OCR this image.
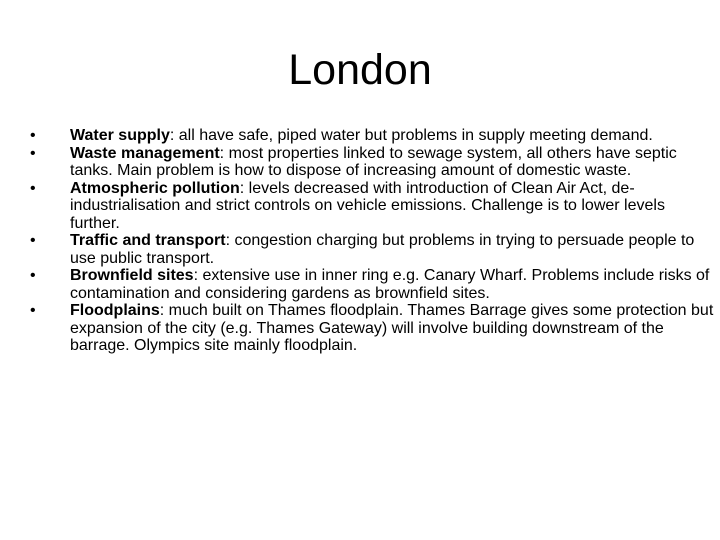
London
•	Water supply: all have safe, piped water but problems in supply meeting demand.
•	Waste management: most properties linked to sewage system, all others have septic tanks. Main problem is how to dispose of increasing amount of domestic waste.
•	Atmospheric pollution: levels decreased with introduction of Clean Air Act, de-industrialisation and strict controls on vehicle emissions. Challenge is to lower levels further.
•	Traffic and transport: congestion charging but problems in trying to persuade people to use public transport.
•	Brownfield sites: extensive use in inner ring e.g. Canary Wharf. Problems include risks of contamination and considering gardens as brownfield sites.
•	Floodplains: much built on Thames floodplain. Thames Barrage gives some protection but expansion of the city (e.g. Thames Gateway) will involve building downstream of the barrage. Olympics site mainly floodplain.
